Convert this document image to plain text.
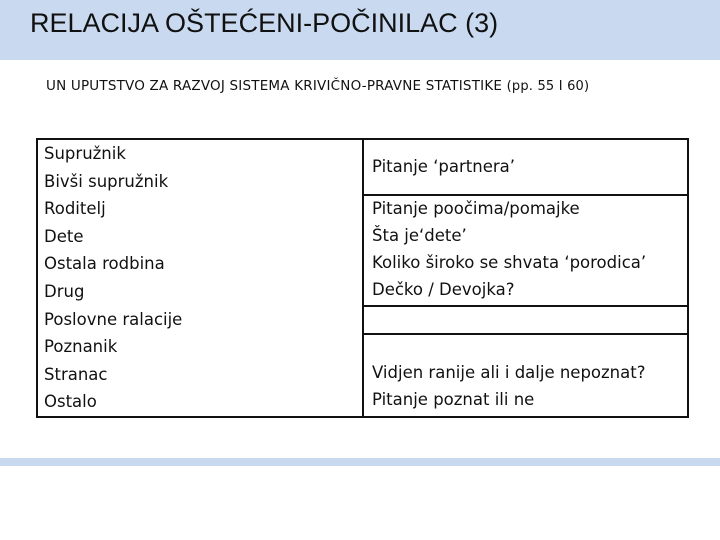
RELACIJA OŠTEĆENI-POČINILAC (3)
UN UPUTSTVO ZA RAZVOJ SISTEMA KRIVIČNO-PRAVNE STATISTIKE (pp. 55 I 60)
Supružnik
Bivši supružnik
Roditelj
Dete
Ostala rodbina
Drug
Poslovne ralacije
Poznanik
Stranac
Ostalo
Pitanje ‘partnera’
Pitanje poočima/pomajke
Šta je‘dete’
Koliko široko se shvata ‘porodica’
Dečko / Devojka?
Vidjen ranije ali i dalje nepoznat?
Pitanje poznat ili ne
